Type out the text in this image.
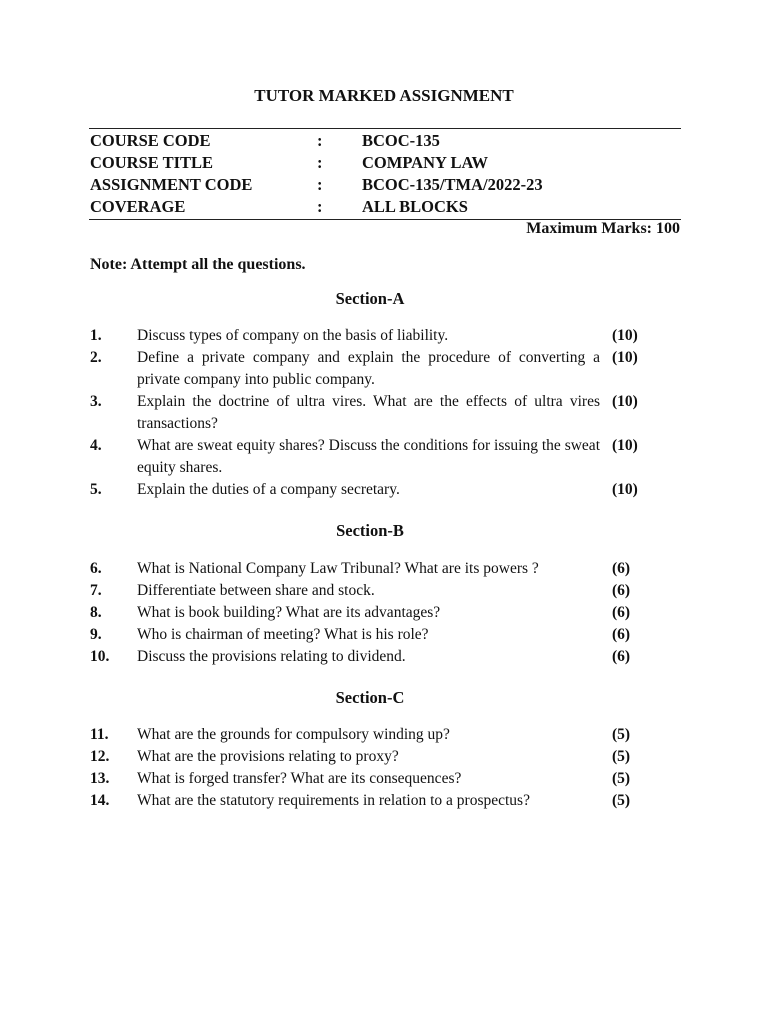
TUTOR MARKED ASSIGNMENT
COURSE CODE	: BCOC-135
COURSE TITLE	: COMPANY LAW
ASSIGNMENT CODE	: BCOC-135/TMA/2022-23
COVERAGE	: ALL BLOCKS
Maximum Marks: 100
Note: Attempt all the questions.
Section-A
1. Discuss types of company on the basis of liability.	(10)
2. Define a private company and explain the procedure of converting a private company into public company.
(10)
3. Explain the doctrine of ultra vires. What are the effects of ultra vires transactions?
(10)
4. What are sweat equity shares? Discuss the conditions for issuing the sweat equity shares.
(10)
5. Explain the duties of a company secretary.	(10)
Section-B
6. What is National Company Law Tribunal? What are its powers ?	(6)
7. Differentiate between share and stock.	(6)
8. What is book building? What are its advantages?	(6)
9. Who is chairman of meeting? What is his role?	(6)
10. Discuss the provisions relating to dividend.	(6)
Section-C
11. What are the grounds for compulsory winding up?	(5)
12. What are the provisions relating to proxy?	(5)
13. What is forged transfer? What are its consequences?	(5)
14. What are the statutory requirements in relation to a prospectus?	(5)
